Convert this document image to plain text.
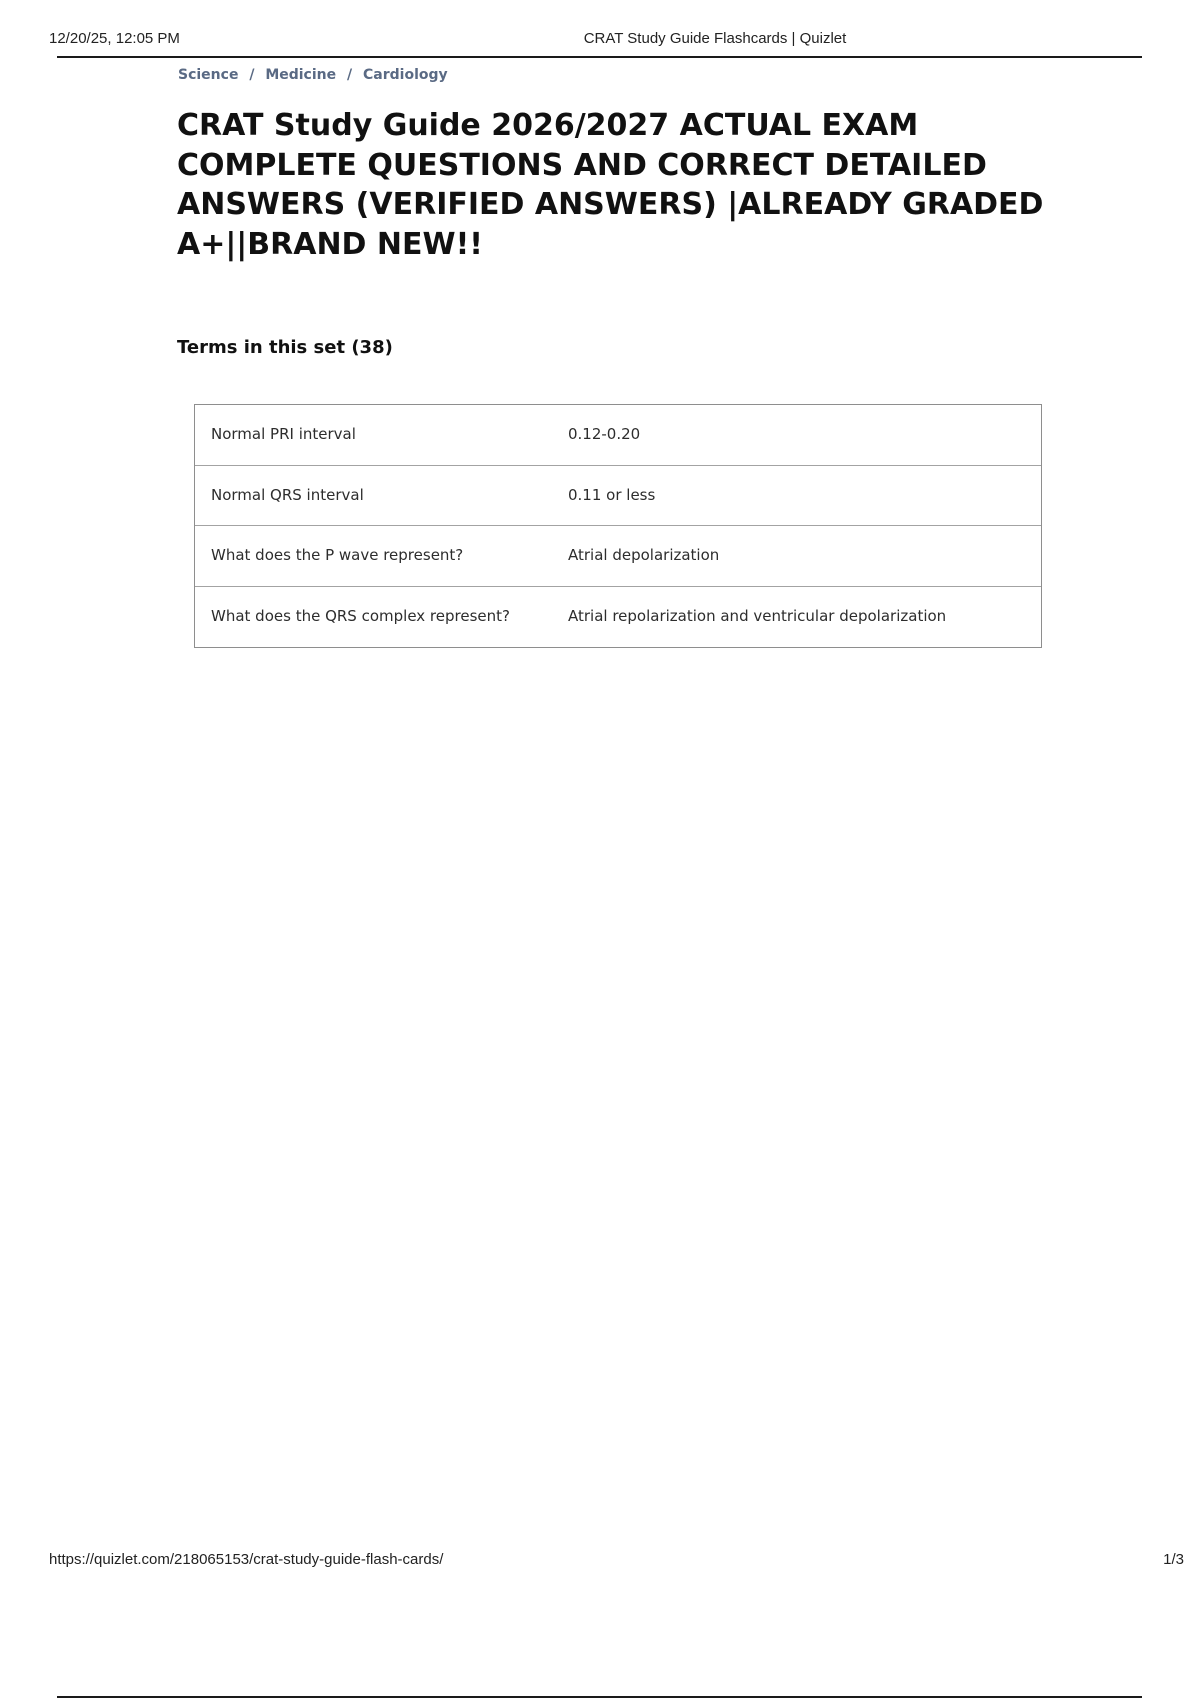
12/20/25, 12:05 PM	CRAT Study Guide Flashcards | Quizlet
Science / Medicine / Cardiology
CRAT Study Guide 2026/2027 ACTUAL EXAM COMPLETE QUESTIONS AND CORRECT DETAILED ANSWERS (VERIFIED ANSWERS) |ALREADY GRADED A+||BRAND NEW!!
Terms in this set (38)
Normal PRI interval	0.12-0.20
Normal QRS interval	0.11 or less
What does the P wave represent?	Atrial depolarization
What does the QRS complex represent?	Atrial repolarization and ventricular depolarization
https://quizlet.com/218065153/crat-study-guide-flash-cards/	1/3
